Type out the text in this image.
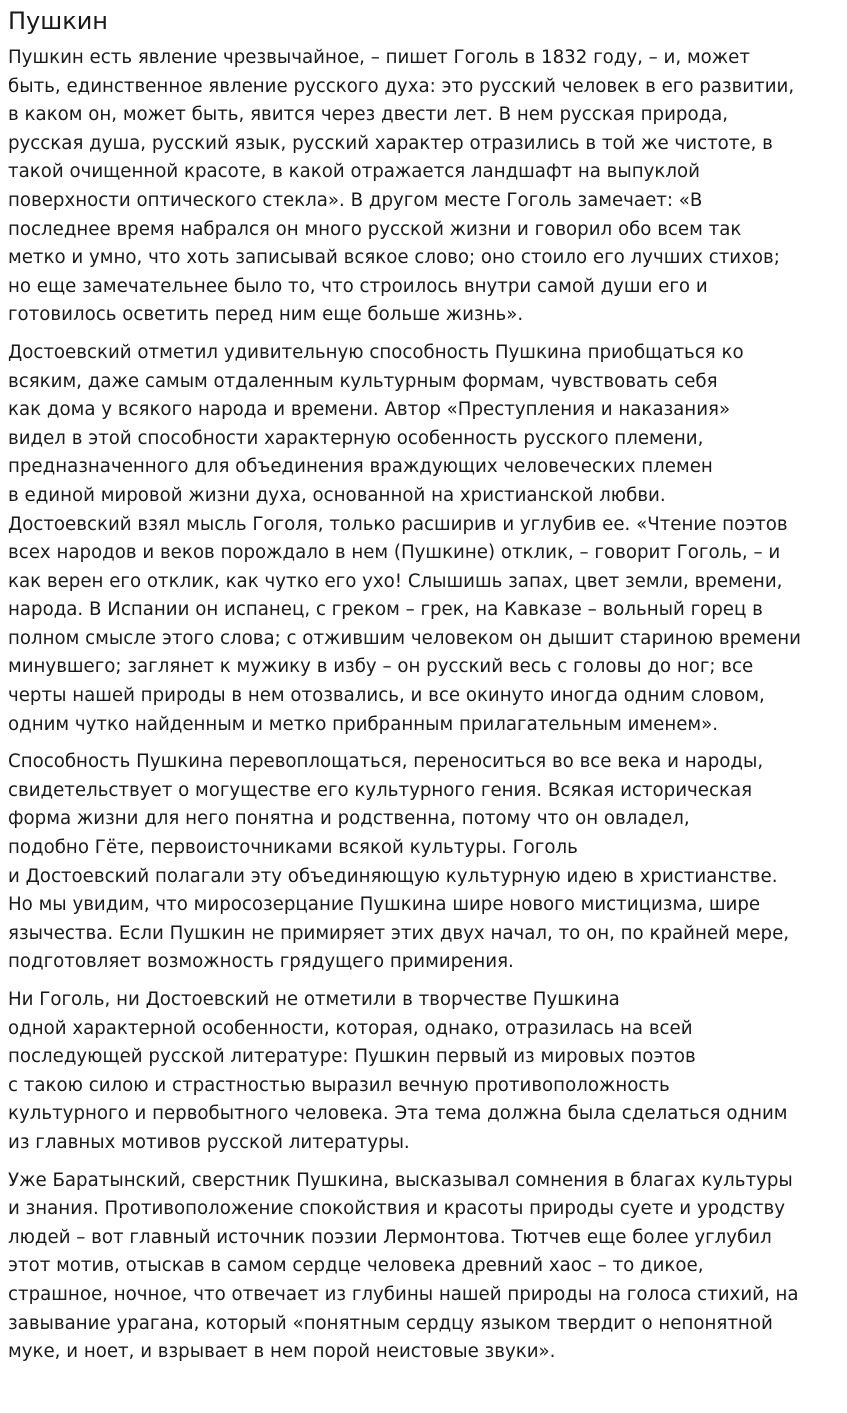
Пушкин

Пушкин есть явление чрезвычайное, – пишет Гоголь в 1832 году, – и, может
быть, единственное явление русского духа: это русский человек в его развитии,
в каком он, может быть, явится через двести лет. В нем русская природа,
русская душа, русский язык, русский характер отразились в той же чистоте, в
такой очищенной красоте, в какой отражается ландшафт на выпуклой
поверхности оптического стекла». В другом месте Гоголь замечает: «В
последнее время набрался он много русской жизни и говорил обо всем так
метко и умно, что хоть записывай всякое слово; оно стоило его лучших стихов;
но еще замечательнее было то, что строилось внутри самой души его и
готовилось осветить перед ним еще больше жизнь».

Достоевский отметил удивительную способность Пушкина приобщаться ко
всяким, даже самым отдаленным культурным формам, чувствовать себя
как дома у всякого народа и времени. Автор «Преступления и наказания»
видел в этой способности характерную особенность русского племени,
предназначенного для объединения враждующих человеческих племен
в единой мировой жизни духа, основанной на христианской любви.
Достоевский взял мысль Гоголя, только расширив и углубив ее. «Чтение поэтов
всех народов и веков порождало в нем (Пушкине) отклик, – говорит Гоголь, – и
как верен его отклик, как чутко его ухо! Слышишь запах, цвет земли, времени,
народа. В Испании он испанец, с греком – грек, на Кавказе – вольный горец в
полном смысле этого слова; с отжившим человеком он дышит стариною времени
минувшего; заглянет к мужику в избу – он русский весь с головы до ног; все
черты нашей природы в нем отозвались, и все окинуто иногда одним словом,
одним чутко найденным и метко прибранным прилагательным именем».

Способность Пушкина перевоплощаться, переноситься во все века и народы,
свидетельствует о могуществе его культурного гения. Всякая историческая
форма жизни для него понятна и родственна, потому что он овладел,
подобно Гёте, первоисточниками всякой культуры. Гоголь
и Достоевский полагали эту объединяющую культурную идею в христианстве.
Но мы увидим, что миросозерцание Пушкина шире нового мистицизма, шире
язычества. Если Пушкин не примиряет этих двух начал, то он, по крайней мере,
подготовляет возможность грядущего примирения.

Ни Гоголь, ни Достоевский не отметили в творчестве Пушкина
одной характерной особенности, которая, однако, отразилась на всей
последующей русской литературе: Пушкин первый из мировых поэтов
с такою силою и страстностью выразил вечную противоположность
культурного и первобытного человека. Эта тема должна была сделаться одним
из главных мотивов русской литературы.

Уже Баратынский, сверстник Пушкина, высказывал сомнения в благах культуры
и знания. Противоположение спокойствия и красоты природы суете и уродству
людей – вот главный источник поэзии Лермонтова. Тютчев еще более углубил
этот мотив, отыскав в самом сердце человека древний хаос – то дикое,
страшное, ночное, что отвечает из глубины нашей природы на голоса стихий, на
завывание урагана, который «понятным сердцу языком твердит о непонятной
муке, и ноет, и взрывает в нем порой неистовые звуки».
